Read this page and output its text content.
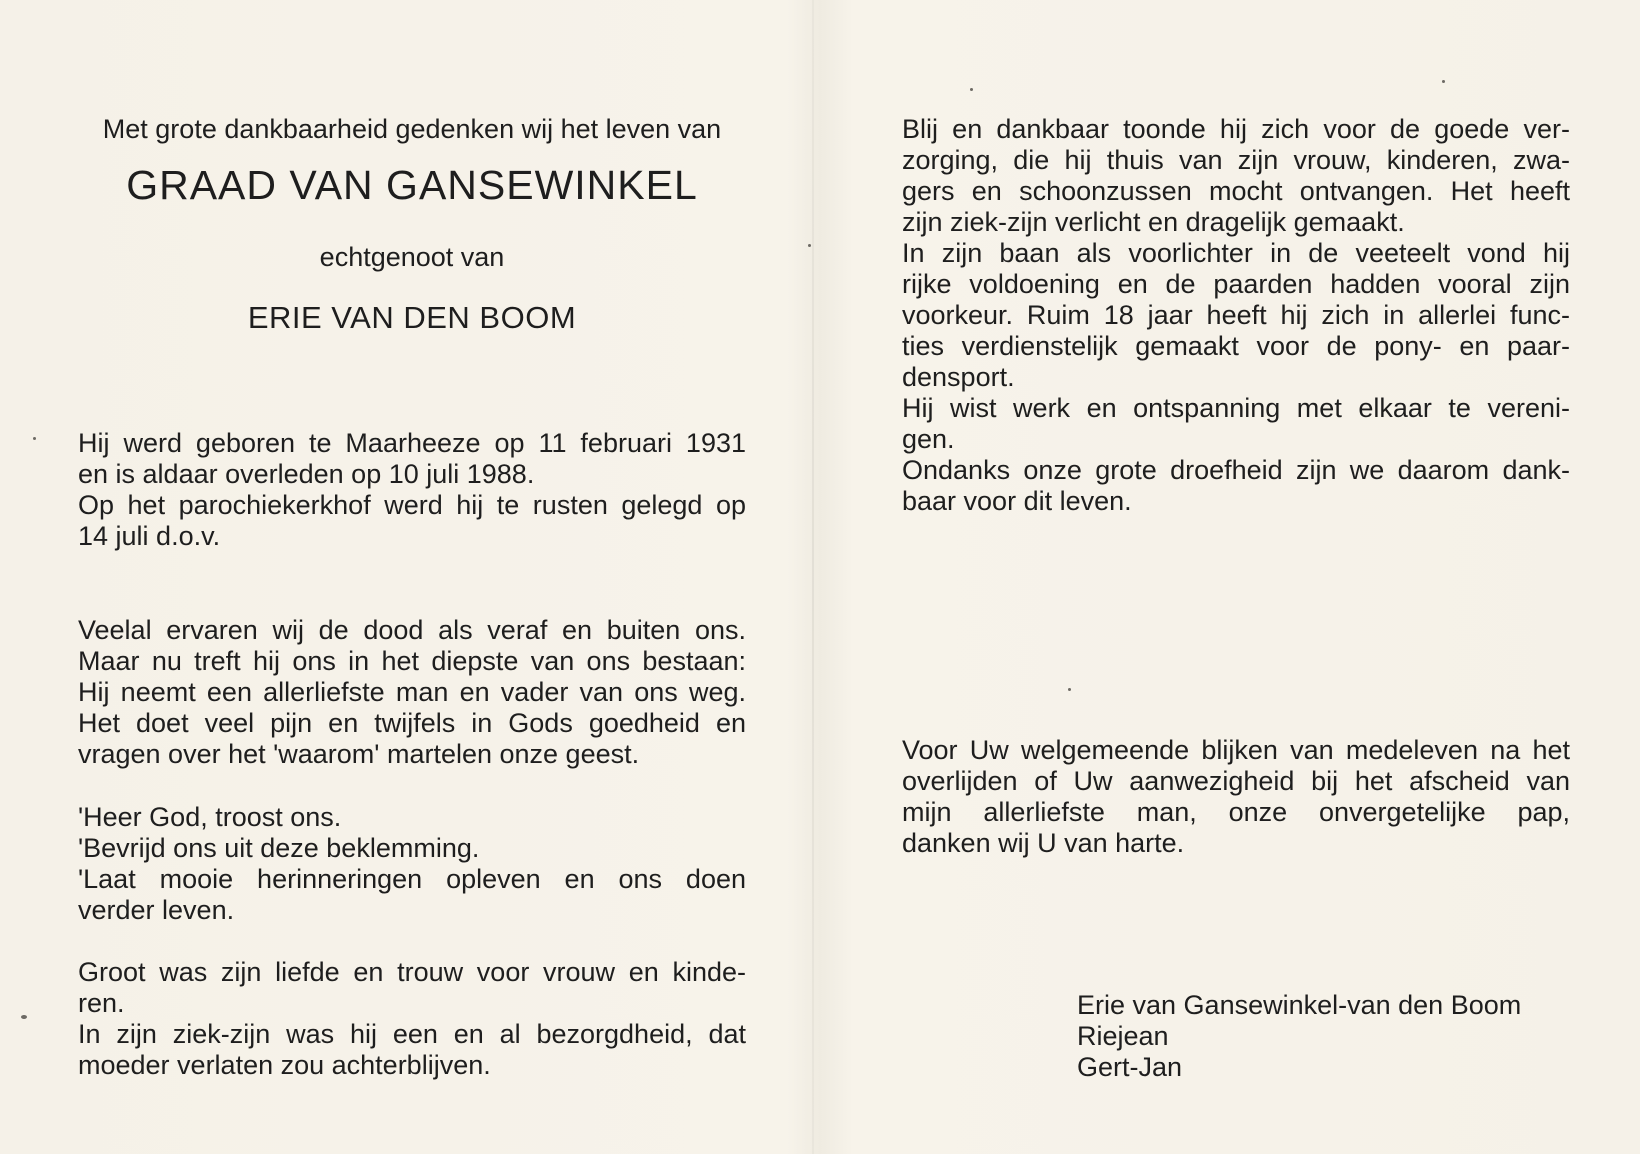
Met grote dankbaarheid gedenken wij het leven van
GRAAD VAN GANSEWINKEL
echtgenoot van
ERIE VAN DEN BOOM
Hij werd geboren te Maarheeze op 11 februari 1931
en is aldaar overleden op 10 juli 1988.
Op het parochiekerkhof werd hij te rusten gelegd op
14 juli d.o.v.
Veelal ervaren wij de dood als veraf en buiten ons.
Maar nu treft hij ons in het diepste van ons bestaan:
Hij neemt een allerliefste man en vader van ons weg.
Het doet veel pijn en twijfels in Gods goedheid en
vragen over het 'waarom' martelen onze geest.
'Heer God, troost ons.
'Bevrijd ons uit deze beklemming.
'Laat mooie herinneringen opleven en ons doen
verder leven.
Groot was zijn liefde en trouw voor vrouw en kinde-
ren.
In zijn ziek-zijn was hij een en al bezorgdheid, dat
moeder verlaten zou achterblijven.
Blij en dankbaar toonde hij zich voor de goede ver-
zorging, die hij thuis van zijn vrouw, kinderen, zwa-
gers en schoonzussen mocht ontvangen. Het heeft
zijn ziek-zijn verlicht en dragelijk gemaakt.
In zijn baan als voorlichter in de veeteelt vond hij
rijke voldoening en de paarden hadden vooral zijn
voorkeur. Ruim 18 jaar heeft hij zich in allerlei func-
ties verdienstelijk gemaakt voor de pony- en paar-
densport.
Hij wist werk en ontspanning met elkaar te vereni-
gen.
Ondanks onze grote droefheid zijn we daarom dank-
baar voor dit leven.
Voor Uw welgemeende blijken van medeleven na het
overlijden of Uw aanwezigheid bij het afscheid van
mijn allerliefste man, onze onvergetelijke pap,
danken wij U van harte.
Erie van Gansewinkel-van den Boom
Riejean
Gert-Jan
